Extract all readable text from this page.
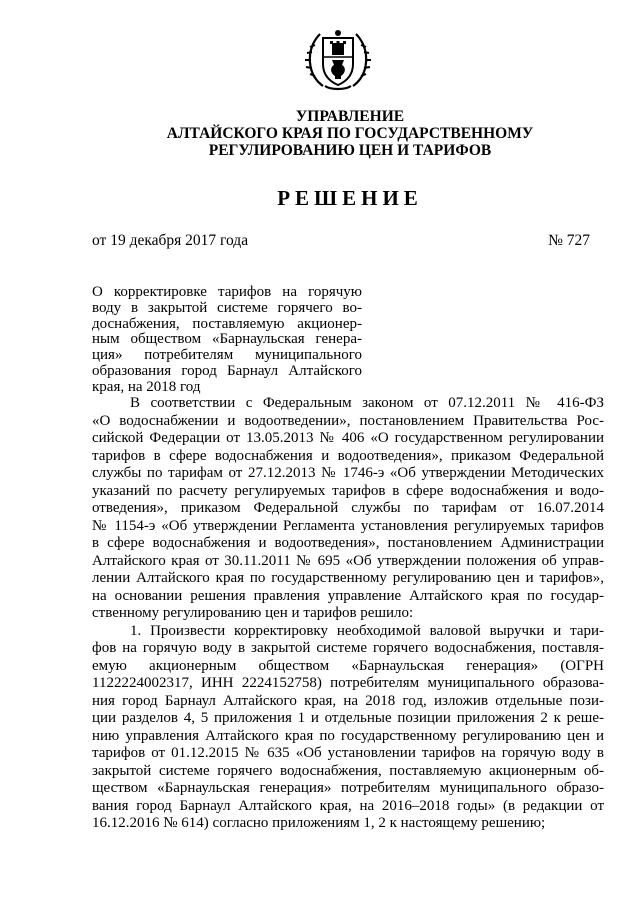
УПРАВЛЕНИЕ
АЛТАЙСКОГО КРАЯ ПО ГОСУДАРСТВЕННОМУ
РЕГУЛИРОВАНИЮ ЦЕН И ТАРИФОВ
РЕШЕНИЕ
от 19 декабря 2017 года	№ 727
О корректировке тарифов на горячую
воду в закрытой системе горячего во-
доснабжения, поставляемую акционер-
ным обществом «Барнаульская генера-
ция» потребителям муниципального
образования город Барнаул Алтайского
края, на 2018 год
В соответствии с Федеральным законом от 07.12.2011 № 416-ФЗ
«О водоснабжении и водоотведении», постановлением Правительства Рос-
сийской Федерации от 13.05.2013 № 406 «О государственном регулировании
тарифов в сфере водоснабжения и водоотведения», приказом Федеральной
службы по тарифам от 27.12.2013 № 1746-э «Об утверждении Методических
указаний по расчету регулируемых тарифов в сфере водоснабжения и водо-
отведения», приказом Федеральной службы по тарифам от 16.07.2014
№ 1154-э «Об утверждении Регламента установления регулируемых тарифов
в сфере водоснабжения и водоотведения», постановлением Администрации
Алтайского края от 30.11.2011 № 695 «Об утверждении положения об управ-
лении Алтайского края по государственному регулированию цен и тарифов»,
на основании решения правления управление Алтайского края по государ-
ственному регулированию цен и тарифов решило:
1. Произвести корректировку необходимой валовой выручки и тари-
фов на горячую воду в закрытой системе горячего водоснабжения, поставля-
емую акционерным обществом «Барнаульская генерация» (ОГРН
1122224002317, ИНН 2224152758) потребителям муниципального образова-
ния город Барнаул Алтайского края, на 2018 год, изложив отдельные пози-
ции разделов 4, 5 приложения 1 и отдельные позиции приложения 2 к реше-
нию управления Алтайского края по государственному регулированию цен и
тарифов от 01.12.2015 № 635 «Об установлении тарифов на горячую воду в
закрытой системе горячего водоснабжения, поставляемую акционерным об-
ществом «Барнаульская генерация» потребителям муниципального образо-
вания город Барнаул Алтайского края, на 2016–2018 годы» (в редакции от
16.12.2016 № 614) согласно приложениям 1, 2 к настоящему решению;
